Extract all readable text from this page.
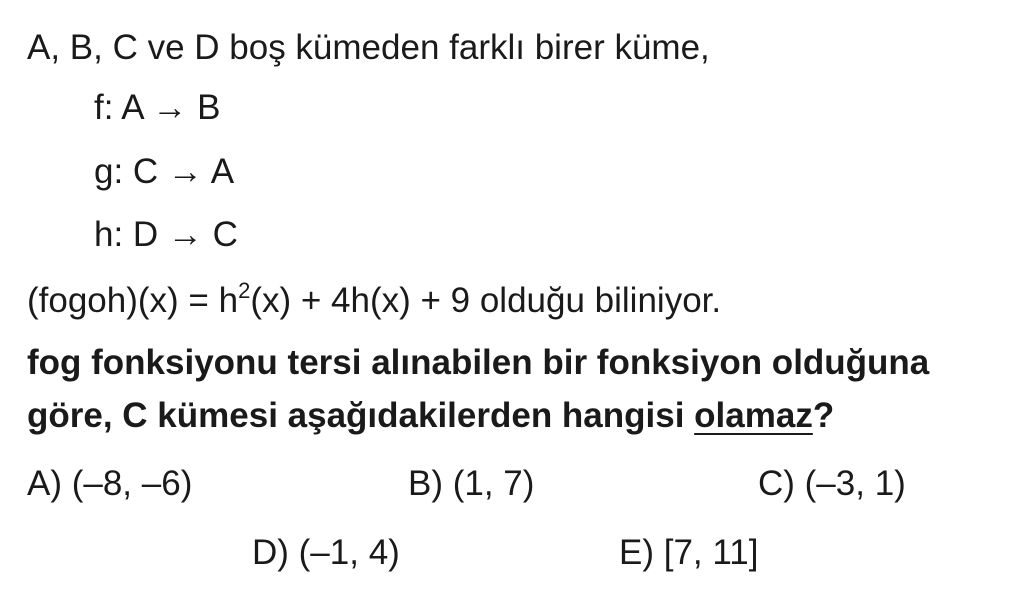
A, B, C ve D boş kümeden farklı birer küme,
f: A → B
g: C → A
h: D → C
(fogoh)(x) = $h^2(x) + 4h(x) + 9$ olduğu biliniyor.
fog fonksiyonu tersi alınabilen bir fonksiyon olduğuna
göre, C kümesi aşağıdakilerden hangisi olamaz?
A) (–8, –6)	B) (1, 7)	C) (–3, 1)
D) (–1, 4)	E) [7, 11]
